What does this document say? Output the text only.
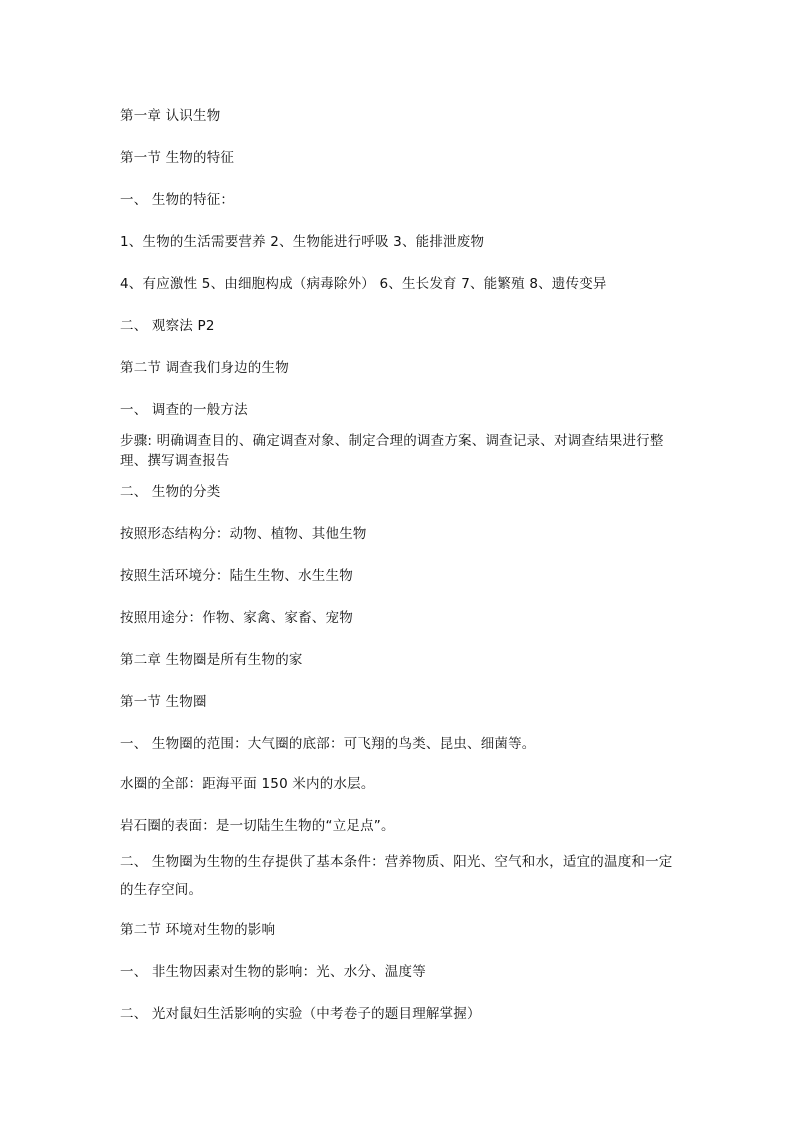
第一章 认识生物
第一节 生物的特征
一、 生物的特征：
1、生物的生活需要营养 2、生物能进行呼吸 3、能排泄废物
4、有应激性 5、由细胞构成（病毒除外） 6、生长发育 7、能繁殖 8、遗传变异
二、 观察法 P2
第二节 调查我们身边的生物
一、 调查的一般方法
步骤: 明确调查目的、确定调查对象、制定合理的调查方案、调查记录、对调查结果进行整理、撰写调查报告
二、 生物的分类
按照形态结构分：动物、植物、其他生物
按照生活环境分：陆生生物、水生生物
按照用途分：作物、家禽、家畜、宠物
第二章 生物圈是所有生物的家
第一节 生物圈
一、 生物圈的范围：大气圈的底部：可飞翔的鸟类、昆虫、细菌等。
水圈的全部：距海平面 150 米内的水层。
岩石圈的表面：是一切陆生生物的“立足点”。
二、 生物圈为生物的生存提供了基本条件：营养物质、阳光、空气和水，适宜的温度和一定的生存空间。
第二节 环境对生物的影响
一、 非生物因素对生物的影响：光、水分、温度等
二、 光对鼠妇生活影响的实验（中考卷子的题目理解掌握）
